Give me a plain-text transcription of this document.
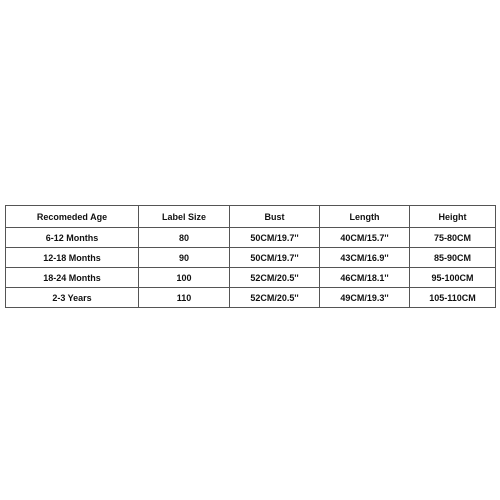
Recomeded Age	Label Size	Bust	Length	Height
6-12 Months	80	50CM/19.7''	40CM/15.7''	75-80CM
12-18 Months	90	50CM/19.7''	43CM/16.9''	85-90CM
18-24 Months	100	52CM/20.5''	46CM/18.1''	95-100CM
2-3 Years	110	52CM/20.5''	49CM/19.3''	105-110CM
